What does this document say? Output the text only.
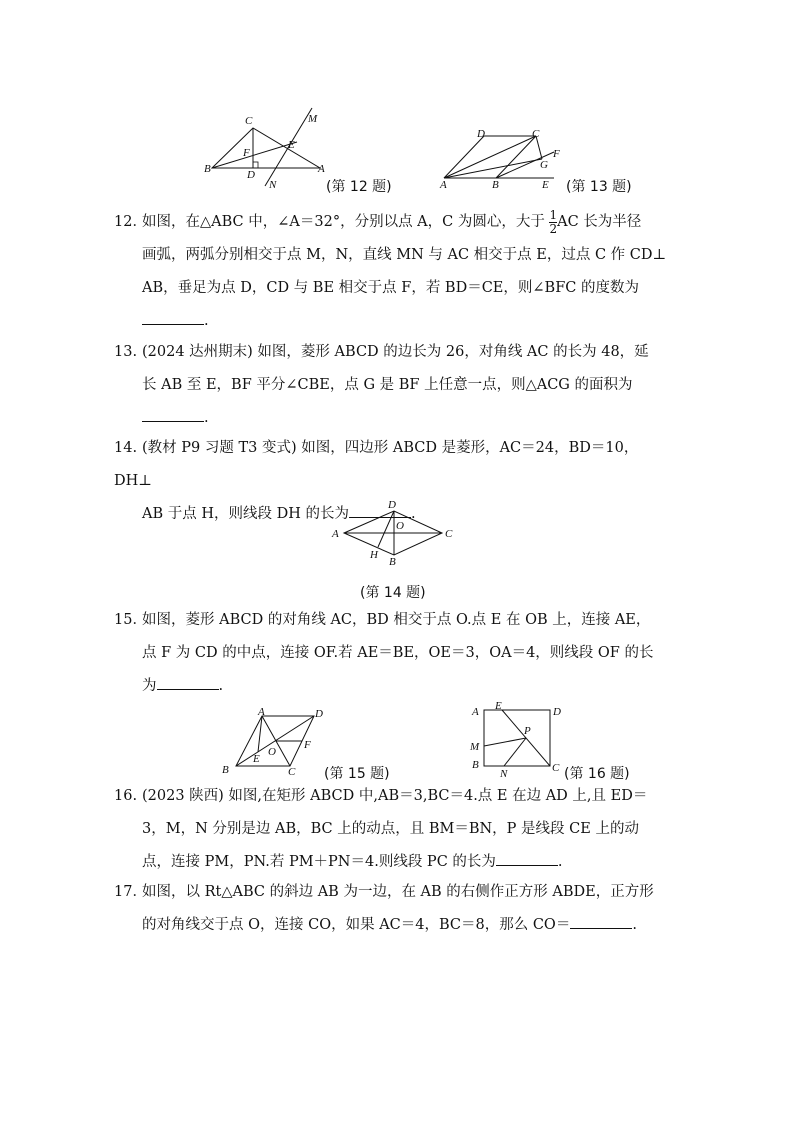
C	M
F
E
B	D	A
N	(第 12 题)
D	C
F
G
A	B	E (第 13 题)

12．如图，在△ABC 中，∠A＝32°，分别以点 A，C 为圆心，大于 $\frac{1}{2}$ AC 长为半径

画弧，两弧分别相交于点 M，N，直线 MN 与 AC 相交于点 E，过点 C 作 CD⊥
AB，垂足为点 D，CD 与 BE 相交于点 F，若 BD＝CE，则∠BFC 的度数为
.

13. (2024 达州期末) 如图，菱形 ABCD 的边长为 26，对角线 AC 的长为 48，延

长 AB 至 E，BF 平分∠CBE，点 G 是 BF 上任意一点，则△ACG 的面积为
.

14. (教材 P9 习题 T3 变式) 如图，四边形 ABCD 是菱形，AC＝24，BD＝10，DH⊥

AB 于点 H，则线段 DH 的长为	.
D
A
O
C
H
B
(第 14 题)

15．如图，菱形 ABCD 的对角线 AC，BD 相交于点 O.点 E 在 OB 上，连接 AE，

点 F 为 CD 的中点，连接 OF.若 AE＝BE，OE＝3，OA＝4，则线段 OF 的长
为	.
A	D
F
O
E
B	C (第 15 题)
A E	D
P
M
B
N	C (第 16 题)

16. (2023 陕西) 如图,在矩形 ABCD 中,AB＝3,BC＝4.点 E 在边 AD 上,且 ED＝

3，M，N 分别是边 AB，BC 上的动点，且 BM＝BN，P 是线段 CE 上的动
点，连接 PM，PN.若 PM＋PN＝4.则线段 PC 的长为	.

17．如图，以 Rt△ABC 的斜边 AB 为一边，在 AB 的右侧作正方形 ABDE，正方形

的对角线交于点 O，连接 CO，如果 AC＝4，BC＝8，那么 CO＝	.
